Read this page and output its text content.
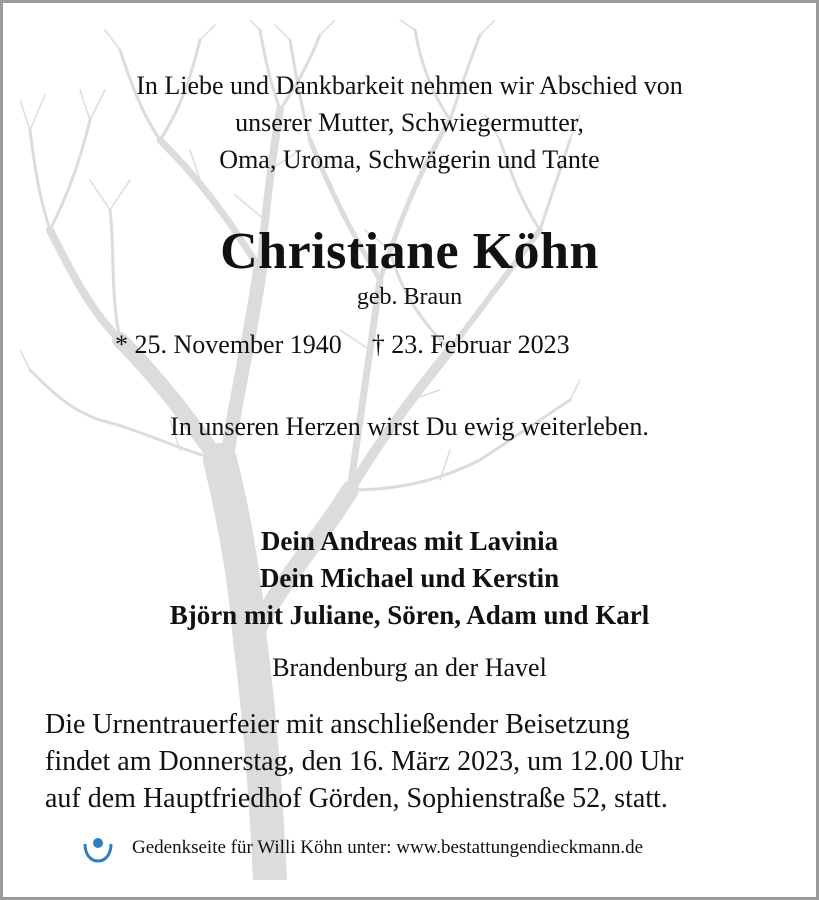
In Liebe und Dankbarkeit nehmen wir Abschied von
unserer Mutter, Schwiegermutter,
Oma, Uroma, Schwägerin und Tante
Christiane Köhn
geb. Braun
* 25. November 1940 † 23. Februar 2023
In unseren Herzen wirst Du ewig weiterleben.
Dein Andreas mit Lavinia
Dein Michael und Kerstin
Björn mit Juliane, Sören, Adam und Karl
Brandenburg an der Havel
Die Urnentrauerfeier mit anschließender Beisetzung
findet am Donnerstag, den 16. März 2023, um 12.00 Uhr
auf dem Hauptfriedhof Görden, Sophienstraße 52, statt.
Gedenkseite für Willi Köhn unter: www.bestattungendieckmann.de
